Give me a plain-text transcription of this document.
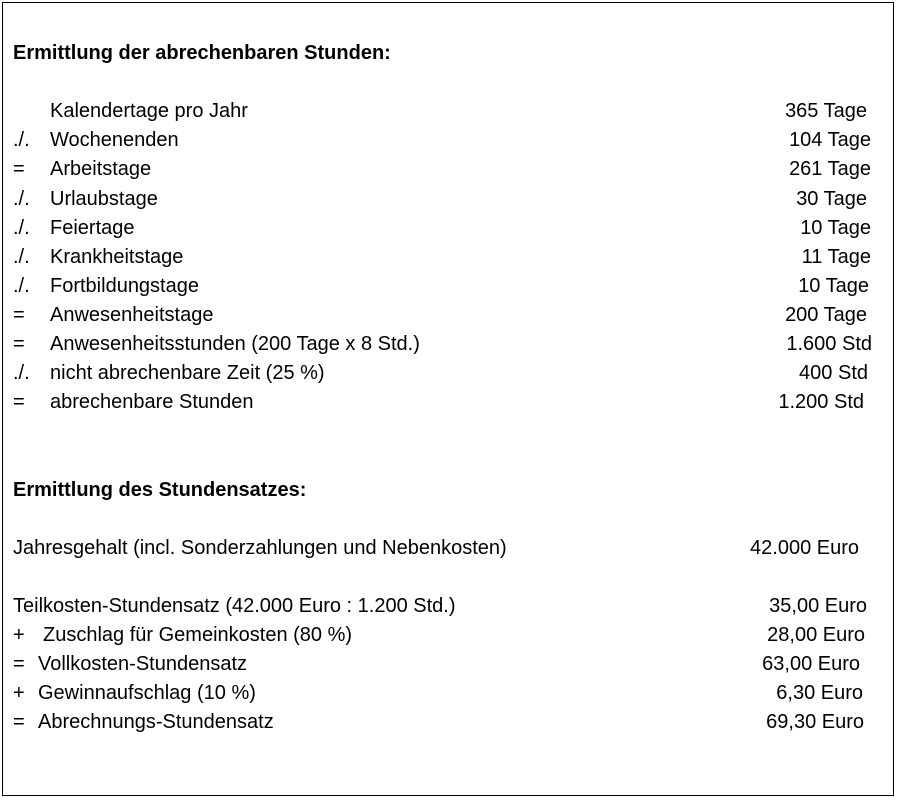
Ermittlung der abrechenbaren Stunden:
Kalendertage pro Jahr	365 Tage
./. Wochenenden	104 Tage
= Arbeitstage	261 Tage
./. Urlaubstage	30 Tage
./. Feiertage	10 Tage
./. Krankheitstage	11 Tage
./. Fortbildungstage	10 Tage
= Anwesenheitstage	200 Tage
= Anwesenheitsstunden (200 Tage x 8 Std.)	1.600 Std
./. nicht abrechenbare Zeit (25 %)	400 Std
= abrechenbare Stunden	1.200 Std
Ermittlung des Stundensatzes:
Jahresgehalt (incl. Sonderzahlungen und Nebenkosten)	42.000 Euro
Teilkosten-Stundensatz (42.000 Euro : 1.200 Std.)	35,00 Euro
+ Zuschlag für Gemeinkosten (80 %)	28,00 Euro
= Vollkosten-Stundensatz	63,00 Euro
+ Gewinnaufschlag (10 %)	6,30 Euro
= Abrechnungs-Stundensatz	69,30 Euro
